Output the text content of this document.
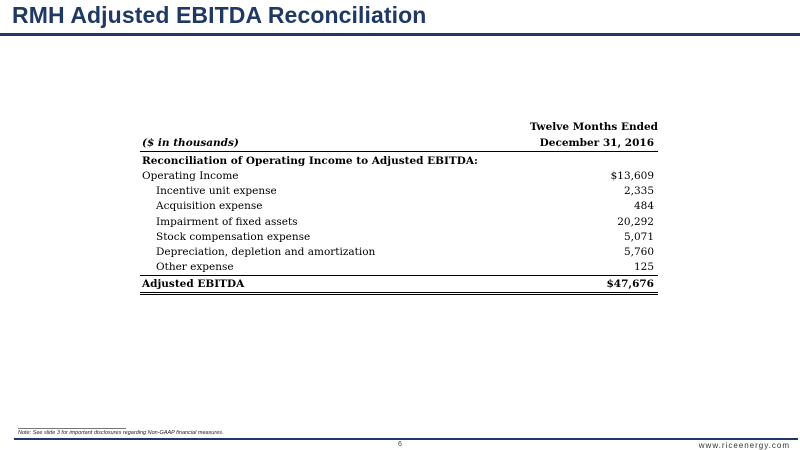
RMH Adjusted EBITDA Reconciliation
Twelve Months Ended
($ in thousands)	December 31, 2016
Reconciliation of Operating Income to Adjusted EBITDA:
Operating Income	$13,609
Incentive unit expense	2,335
Acquisition expense	484
Impairment of fixed assets	20,292
Stock compensation expense	5,071
Depreciation, depletion and amortization	5,760
Other expense	125
Adjusted EBITDA	$47,676
Note: See slide 3 for important disclosures regarding Non-GAAP financial measures.
6	www.riceenergy.com
